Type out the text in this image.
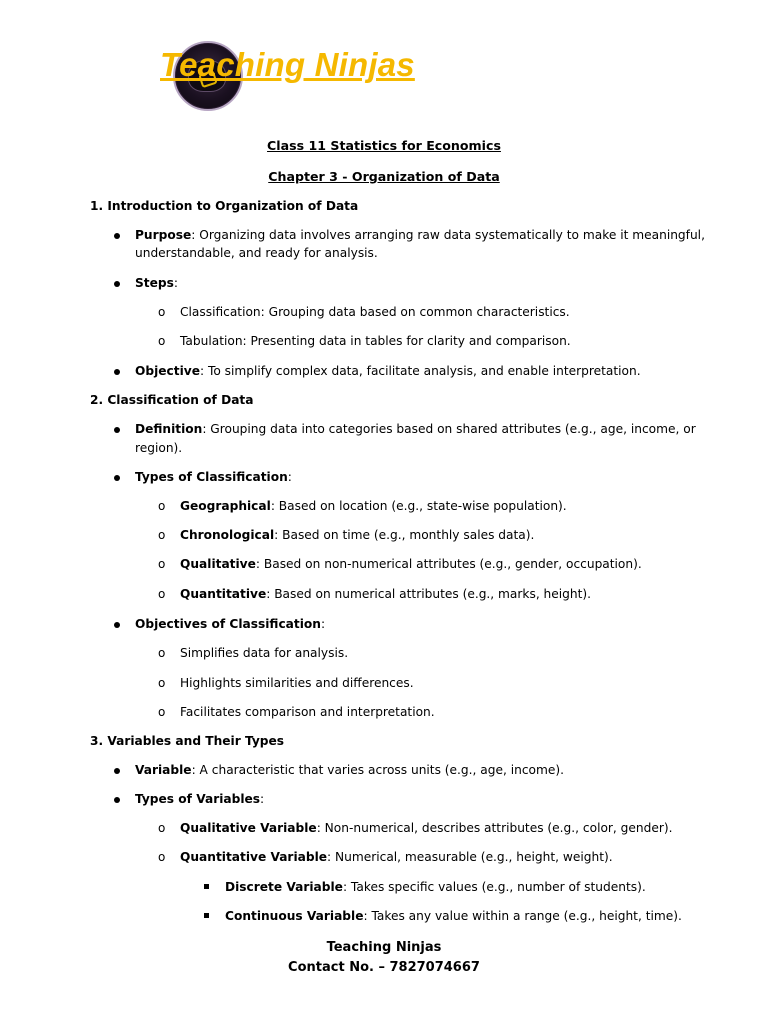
Teaching Ninjas
Class 11 Statistics for Economics
Chapter 3 - Organization of Data
1. Introduction to Organization of Data
Purpose: Organizing data involves arranging raw data systematically to make it meaningful,
understandable, and ready for analysis.
Steps:
o Classification: Grouping data based on common characteristics.
o Tabulation: Presenting data in tables for clarity and comparison.
Objective: To simplify complex data, facilitate analysis, and enable interpretation.
2. Classification of Data
Definition: Grouping data into categories based on shared attributes (e.g., age, income, or
region).
Types of Classification:
o Geographical: Based on location (e.g., state-wise population).
o Chronological: Based on time (e.g., monthly sales data).
o Qualitative: Based on non-numerical attributes (e.g., gender, occupation).
o Quantitative: Based on numerical attributes (e.g., marks, height).
Objectives of Classification:
o Simplifies data for analysis.
o Highlights similarities and differences.
o Facilitates comparison and interpretation.
3. Variables and Their Types
Variable: A characteristic that varies across units (e.g., age, income).
Types of Variables:
o Qualitative Variable: Non-numerical, describes attributes (e.g., color, gender).
o Quantitative Variable: Numerical, measurable (e.g., height, weight).
Discrete Variable: Takes specific values (e.g., number of students).
Continuous Variable: Takes any value within a range (e.g., height, time).
Teaching Ninjas
Contact No. – 7827074667
